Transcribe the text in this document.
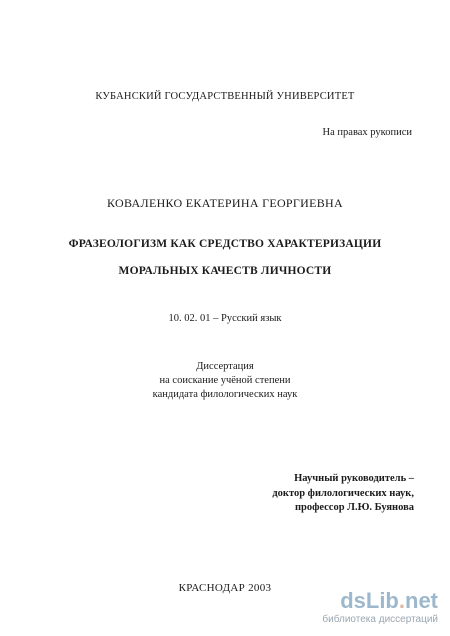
КУБАНСКИЙ ГОСУДАРСТВЕННЫЙ УНИВЕРСИТЕТ
На правах рукописи
КОВАЛЕНКО ЕКАТЕРИНА ГЕОРГИЕВНА
ФРАЗЕОЛОГИЗМ КАК СРЕДСТВО ХАРАКТЕРИЗАЦИИ
МОРАЛЬНЫХ КАЧЕСТВ ЛИЧНОСТИ
10. 02. 01 – Русский язык
Диссертация
на соискание учёной степени
кандидата филологических наук
Научный руководитель –
доктор филологических наук,
профессор Л.Ю. Буянова
КРАСНОДАР 2003	dsLib.net
библиотека диссертаций
